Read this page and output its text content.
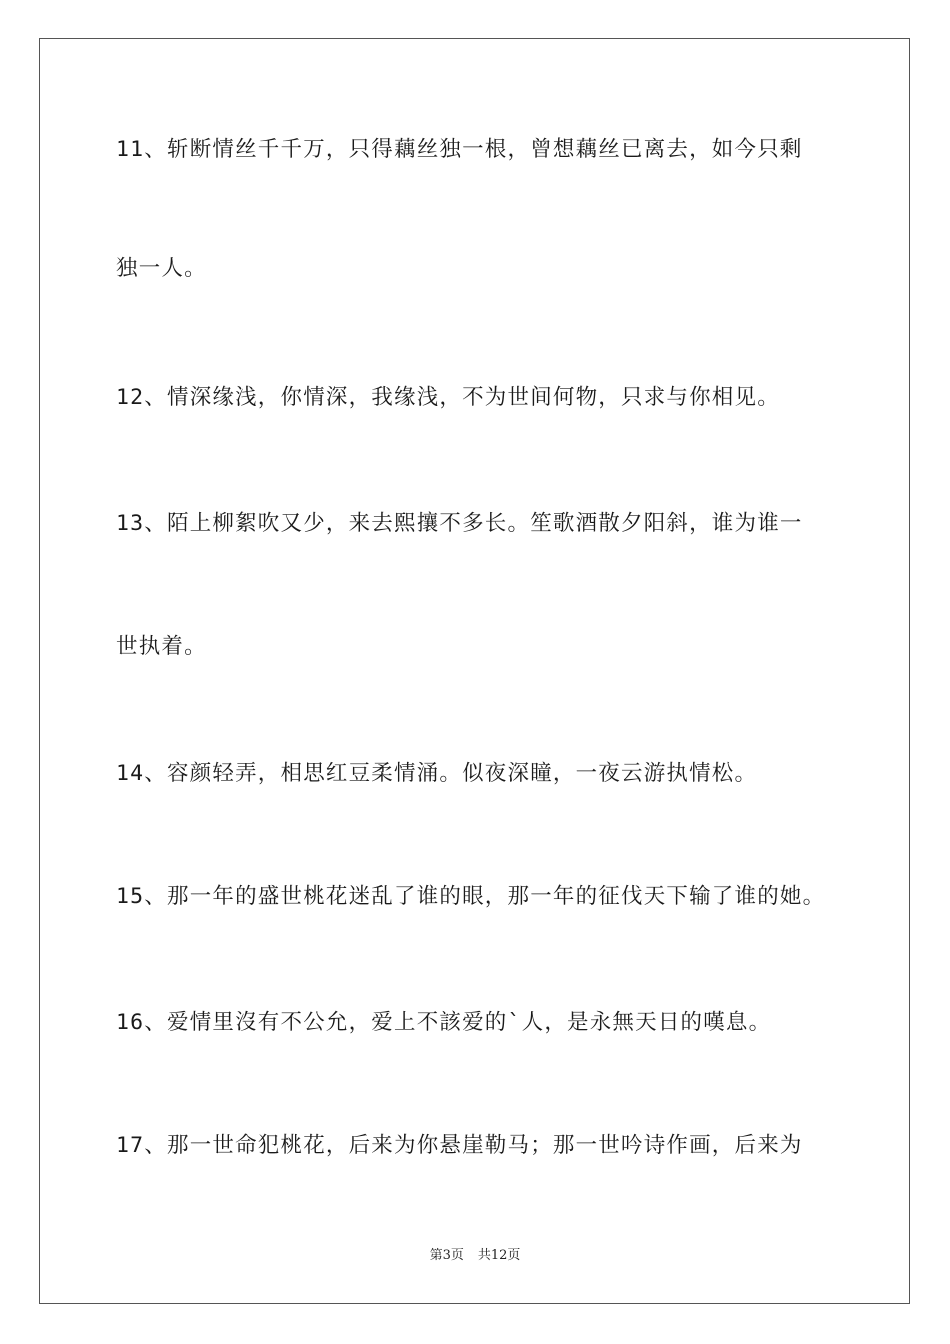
11、斩断情丝千千万，只得藕丝独一根，曾想藕丝已离去，如今只剩
独一人。
12、情深缘浅，你情深，我缘浅，不为世间何物，只求与你相见。
13、陌上柳絮吹又少，来去熙攘不多长。笙歌酒散夕阳斜，谁为谁一
世执着。
14、容颜轻弄，相思红豆柔情涌。似夜深瞳，一夜云游执情松。
15、那一年的盛世桃花迷乱了谁的眼，那一年的征伐天下输了谁的她。
16、爱情里沒有不公允，爱上不該爱的`人，是永無天日的嘆息。
17、那一世命犯桃花，后来为你悬崖勒马；那一世吟诗作画，后来为
第3页 共12页
